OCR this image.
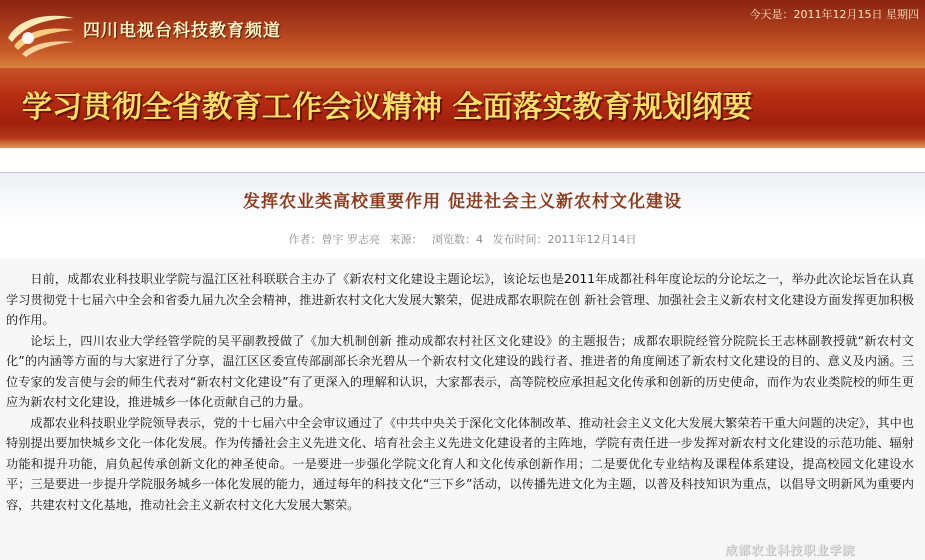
四川电视台科技教育频道
今天是：2011年12月15日 星期四
学习贯彻全省教育工作会议精神 全面落实教育规划纲要
发挥农业类高校重要作用 促进社会主义新农村文化建设
作者：曾宇 罗志亮 来源： 浏览数：4 发布时间：2011年12月14日

日前，成都农业科技职业学院与温江区社科联联合主办了《新农村文化建设主题论坛》，该论坛也是2011年成都社科年度论坛的分论坛之一，举办此次论坛旨在认真学习贯彻党十七届六中全会和省委九届九次全会精神，推进新农村文化大发展大繁荣，促进成都农职院在创 新社会管理、加强社会主义新农村文化建设方面发挥更加积极的作用。

论坛上，四川农业大学经管学院的吴平副教授做了《加大机制创新 推动成都农村社区文化建设》的主题报告；成都农职院经管分院院长王志林副教授就“新农村文化”的内涵等方面的与大家进行了分享，温江区区委宣传部副部长余光碧从一个新农村文化建设的践行者、推进者的角度阐述了新农村文化建设的目的、意义及内涵。三位专家的发言使与会的师生代表对“新农村文化建设”有了更深入的理解和认识，大家都表示，高等院校应承担起文化传承和创新的历史使命，而作为农业类院校的师生更应为新农村文化建设，推进城乡一体化贡献自己的力量。

成都农业科技职业学院领导表示，党的十七届六中全会审议通过了《中共中央关于深化文化体制改革、推动社会主义文化大发展大繁荣若干重大问题的决定》，其中也特别提出要加快城乡文化一体化发展。作为传播社会主义先进文化、培育社会主义先进文化建设者的主阵地，学院有责任进一步发挥对新农村文化建设的示范功能、辐射功能和提升功能，肩负起传承创新文化的神圣使命。一是要进一步强化学院文化育人和文化传承创新作用；二是要优化专业结构及课程体系建设，提高校园文化建设水平；三是要进一步提升学院服务城乡一体化发展的能力，通过每年的科技文化“三下乡”活动，以传播先进文化为主题，以普及科技知识为重点，以倡导文明新风为重要内容，共建农村文化基地，推动社会主义新农村文化大发展大繁荣。

成都农业科技职业学院
